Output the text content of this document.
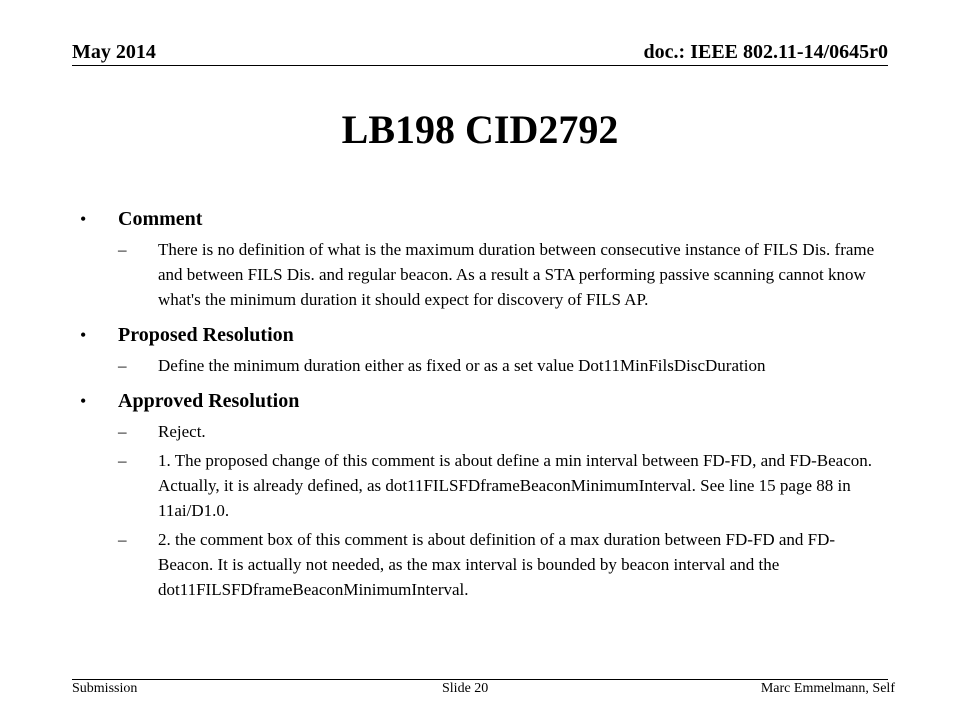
May 2014	doc.: IEEE 802.11-14/0645r0
LB198 CID2792
•	Comment
–	There is no definition of what is the maximum duration between consecutive instance of FILS Dis. frame and between FILS Dis. and regular beacon. As a result a STA performing passive scanning cannot know what's the minimum duration it should expect for discovery of FILS AP.
•	Proposed Resolution
–	Define the minimum duration either as fixed or as a set value Dot11MinFilsDiscDuration
•	Approved Resolution
–	Reject.
–	1. The proposed change of this comment is about define a min interval between FD-FD, and FD-Beacon. Actually, it is already defined, as dot11FILSFDframeBeaconMinimumInterval. See line 15 page 88 in 11ai/D1.0.
–	2. the comment box of this comment is about definition of a max duration between FD-FD and FD-Beacon. It is actually not needed, as the max interval is bounded by beacon interval and the dot11FILSFDframeBeaconMinimumInterval.
Submission	Slide 20	Marc Emmelmann, Self
